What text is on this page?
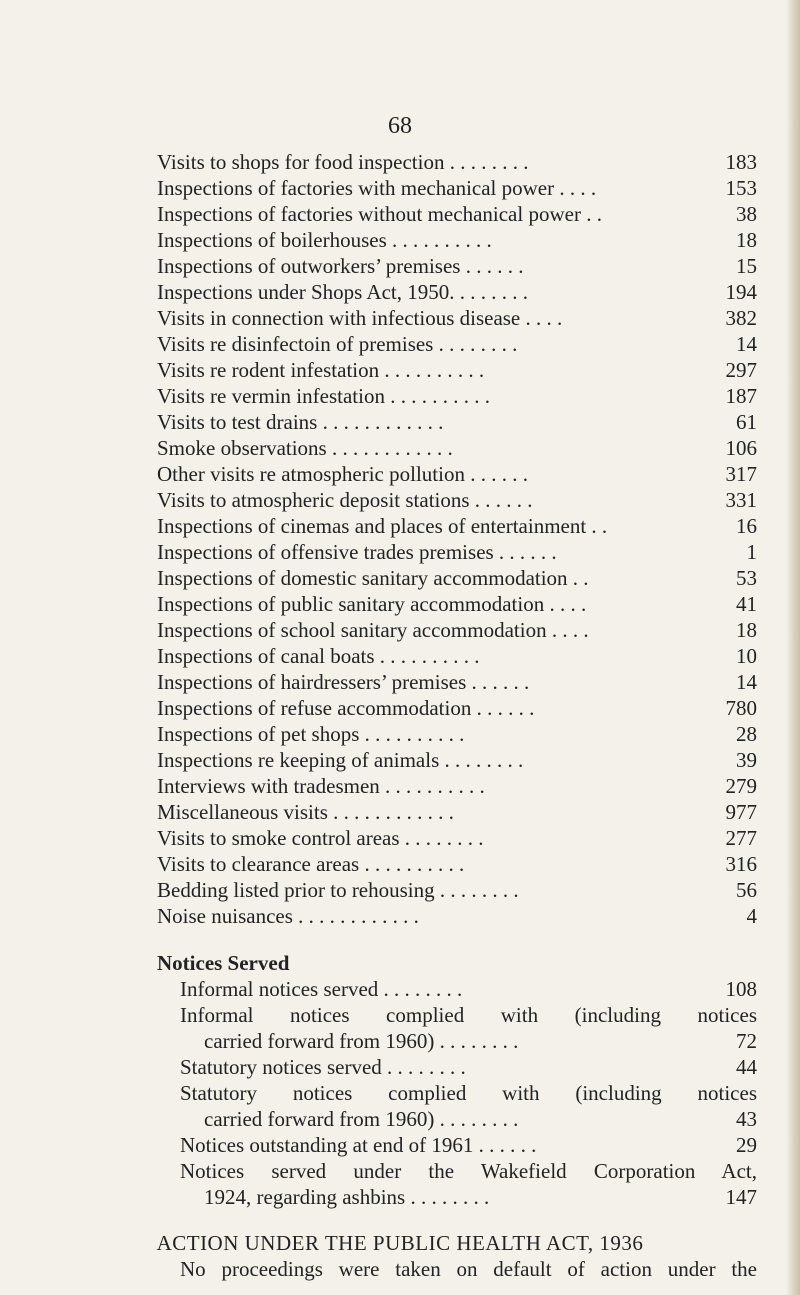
68
Visits to shops for food inspection . . . . . . . .	183
Inspections of factories with mechanical power . . . .	153
Inspections of factories without mechanical power . .	38
Inspections of boilerhouses . . . . . . . . . .	18
Inspections of outworkers’ premises . . . . . .	15
Inspections under Shops Act, 1950. . . . . . . .	194
Visits in connection with infectious disease . . . .	382
Visits re disinfectoin of premises . . . . . . . .	14
Visits re rodent infestation . . . . . . . . . .	297
Visits re vermin infestation . . . . . . . . . .	187
Visits to test drains . . . . . . . . . . . .	61
Smoke observations . . . . . . . . . . . .	106
Other visits re atmospheric pollution . . . . . .	317
Visits to atmospheric deposit stations . . . . . .	331
Inspections of cinemas and places of entertainment . .	16
Inspections of offensive trades premises . . . . . .	1
Inspections of domestic sanitary accommodation . .	53
Inspections of public sanitary accommodation . . . .	41
Inspections of school sanitary accommodation . . . .	18
Inspections of canal boats . . . . . . . . . .	10
Inspections of hairdressers’ premises . . . . . .	14
Inspections of refuse accommodation . . . . . .	780
Inspections of pet shops . . . . . . . . . .	28
Inspections re keeping of animals . . . . . . . .	39
Interviews with tradesmen . . . . . . . . . .	279
Miscellaneous visits . . . . . . . . . . . .	977
Visits to smoke control areas . . . . . . . .	277
Visits to clearance areas . . . . . . . . . .	316
Bedding listed prior to rehousing . . . . . . . .	56
Noise nuisances . . . . . . . . . . . .	4
Notices Served
Informal notices served . . . . . . . .	108
Informal notices complied with (including notices
carried forward from 1960) . . . . . . . .	72
Statutory notices served . . . . . . . .	44
Statutory notices complied with (including notices
carried forward from 1960) . . . . . . . .	43
Notices outstanding at end of 1961 . . . . . .	29
Notices served under the Wakefield Corporation Act,
1924, regarding ashbins . . . . . . . .	147
ACTION UNDER THE PUBLIC HEALTH ACT, 1936
No proceedings were taken on default of action under the
